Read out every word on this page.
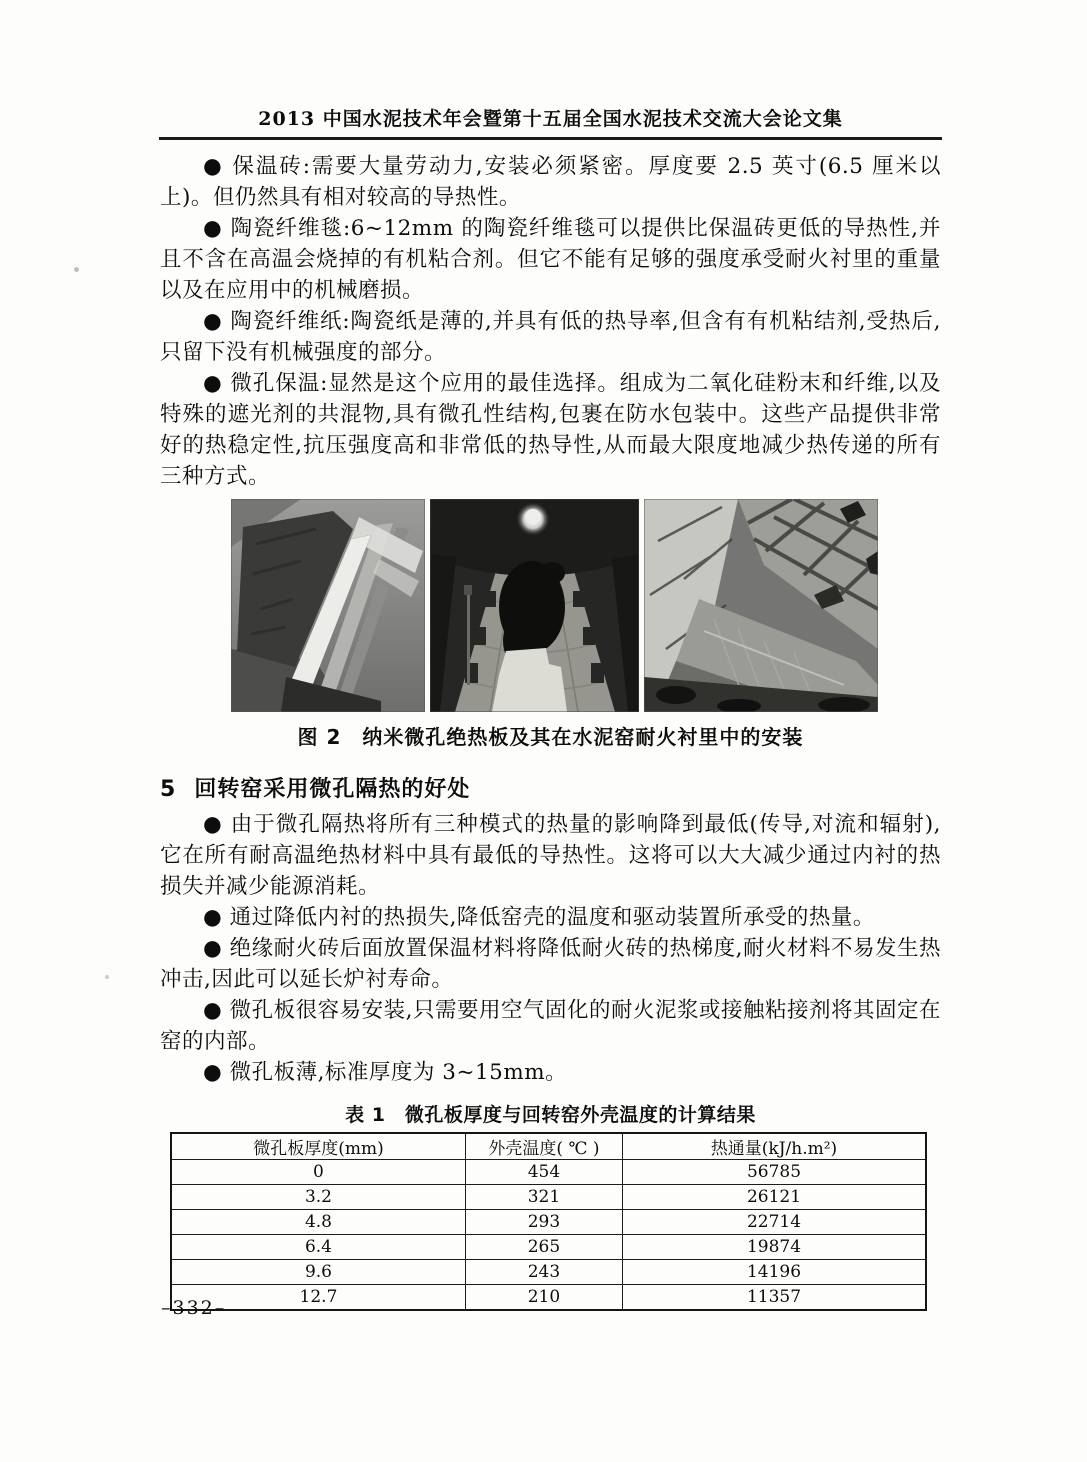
2013 中国水泥技术年会暨第十五届全国水泥技术交流大会论文集

● 保温砖:需要大量劳动力,安装必须紧密。厚度要 2.5 英寸(6.5 厘米以上)。但仍然具有相对较高的导热性。

● 陶瓷纤维毯:6~12mm 的陶瓷纤维毯可以提供比保温砖更低的导热性,并且不含在高温会烧掉的有机粘合剂。但它不能有足够的强度承受耐火衬里的重量以及在应用中的机械磨损。

● 陶瓷纤维纸:陶瓷纸是薄的,并具有低的热导率,但含有有机粘结剂,受热后,只留下没有机械强度的部分。

● 微孔保温:显然是这个应用的最佳选择。组成为二氧化硅粉末和纤维,以及特殊的遮光剂的共混物,具有微孔性结构,包裹在防水包装中。这些产品提供非常好的热稳定性,抗压强度高和非常低的热导性,从而最大限度地减少热传递的所有三种方式。

图 2　纳米微孔绝热板及其在水泥窑耐火衬里中的安装
5 回转窑采用微孔隔热的好处

● 由于微孔隔热将所有三种模式的热量的影响降到最低(传导,对流和辐射),它在所有耐高温绝热材料中具有最低的导热性。这将可以大大减少通过内衬的热损失并减少能源消耗。

● 通过降低内衬的热损失,降低窑壳的温度和驱动装置所承受的热量。

● 绝缘耐火砖后面放置保温材料将降低耐火砖的热梯度,耐火材料不易发生热冲击,因此可以延长炉衬寿命。

● 微孔板很容易安装,只需要用空气固化的耐火泥浆或接触粘接剂将其固定在窑的内部。

● 微孔板薄,标准厚度为 3~15mm。

表 1　微孔板厚度与回转窑外壳温度的计算结果
微孔板厚度(mm)	外壳温度( ℃ )	热通量(kJ/h.m²)
0	454	56785
3.2	321	26121
4.8	293	22714
6.4	265	19874
9.6	243	14196
12.7	210	11357
–332–
